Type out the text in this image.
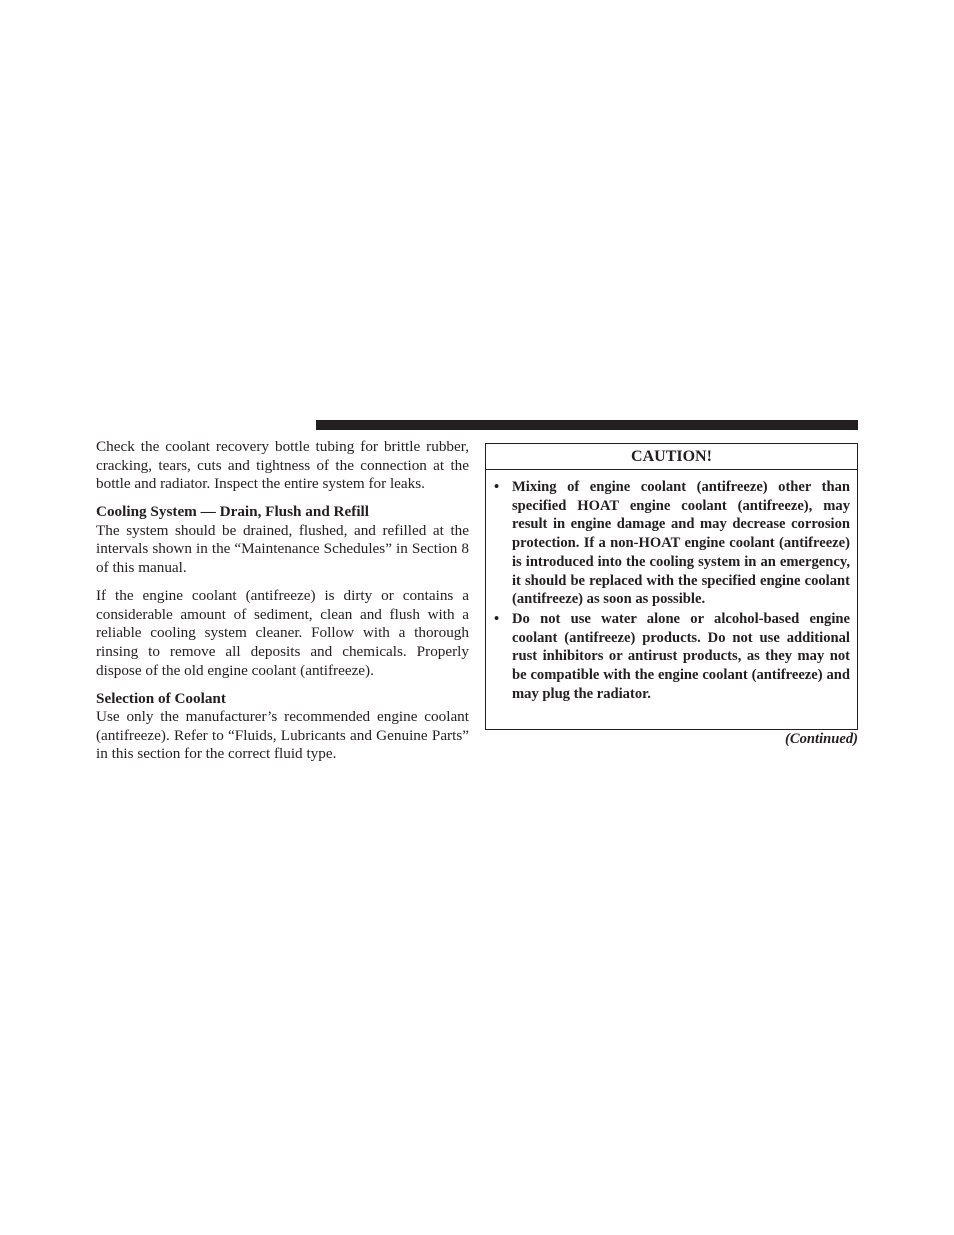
Check the coolant recovery bottle tubing for brittle rubber, cracking, tears, cuts and tightness of the connection at the bottle and radiator. Inspect the entire system for leaks.

Cooling System — Drain, Flush and Refill

The system should be drained, flushed, and refilled at the intervals shown in the “Maintenance Schedules” in Section 8 of this manual.

If the engine coolant (antifreeze) is dirty or contains a considerable amount of sediment, clean and flush with a reliable cooling system cleaner. Follow with a thorough rinsing to remove all deposits and chemicals. Properly dispose of the old engine coolant (antifreeze).

Selection of Coolant

Use only the manufacturer’s recommended engine coolant (antifreeze). Refer to “Fluids, Lubricants and Genuine Parts” in this section for the correct fluid type.

CAUTION!
• Mixing of engine coolant (antifreeze) other than specified HOAT engine coolant (antifreeze), may result in engine damage and may decrease corrosion protection. If a non-HOAT engine coolant (antifreeze) is introduced into the cooling system in an emergency, it should be replaced with the specified engine coolant (antifreeze) as soon as possible.
• Do not use water alone or alcohol-based engine coolant (antifreeze) products. Do not use additional rust inhibitors or antirust products, as they may not be compatible with the engine coolant (antifreeze) and may plug the radiator.
(Continued)
